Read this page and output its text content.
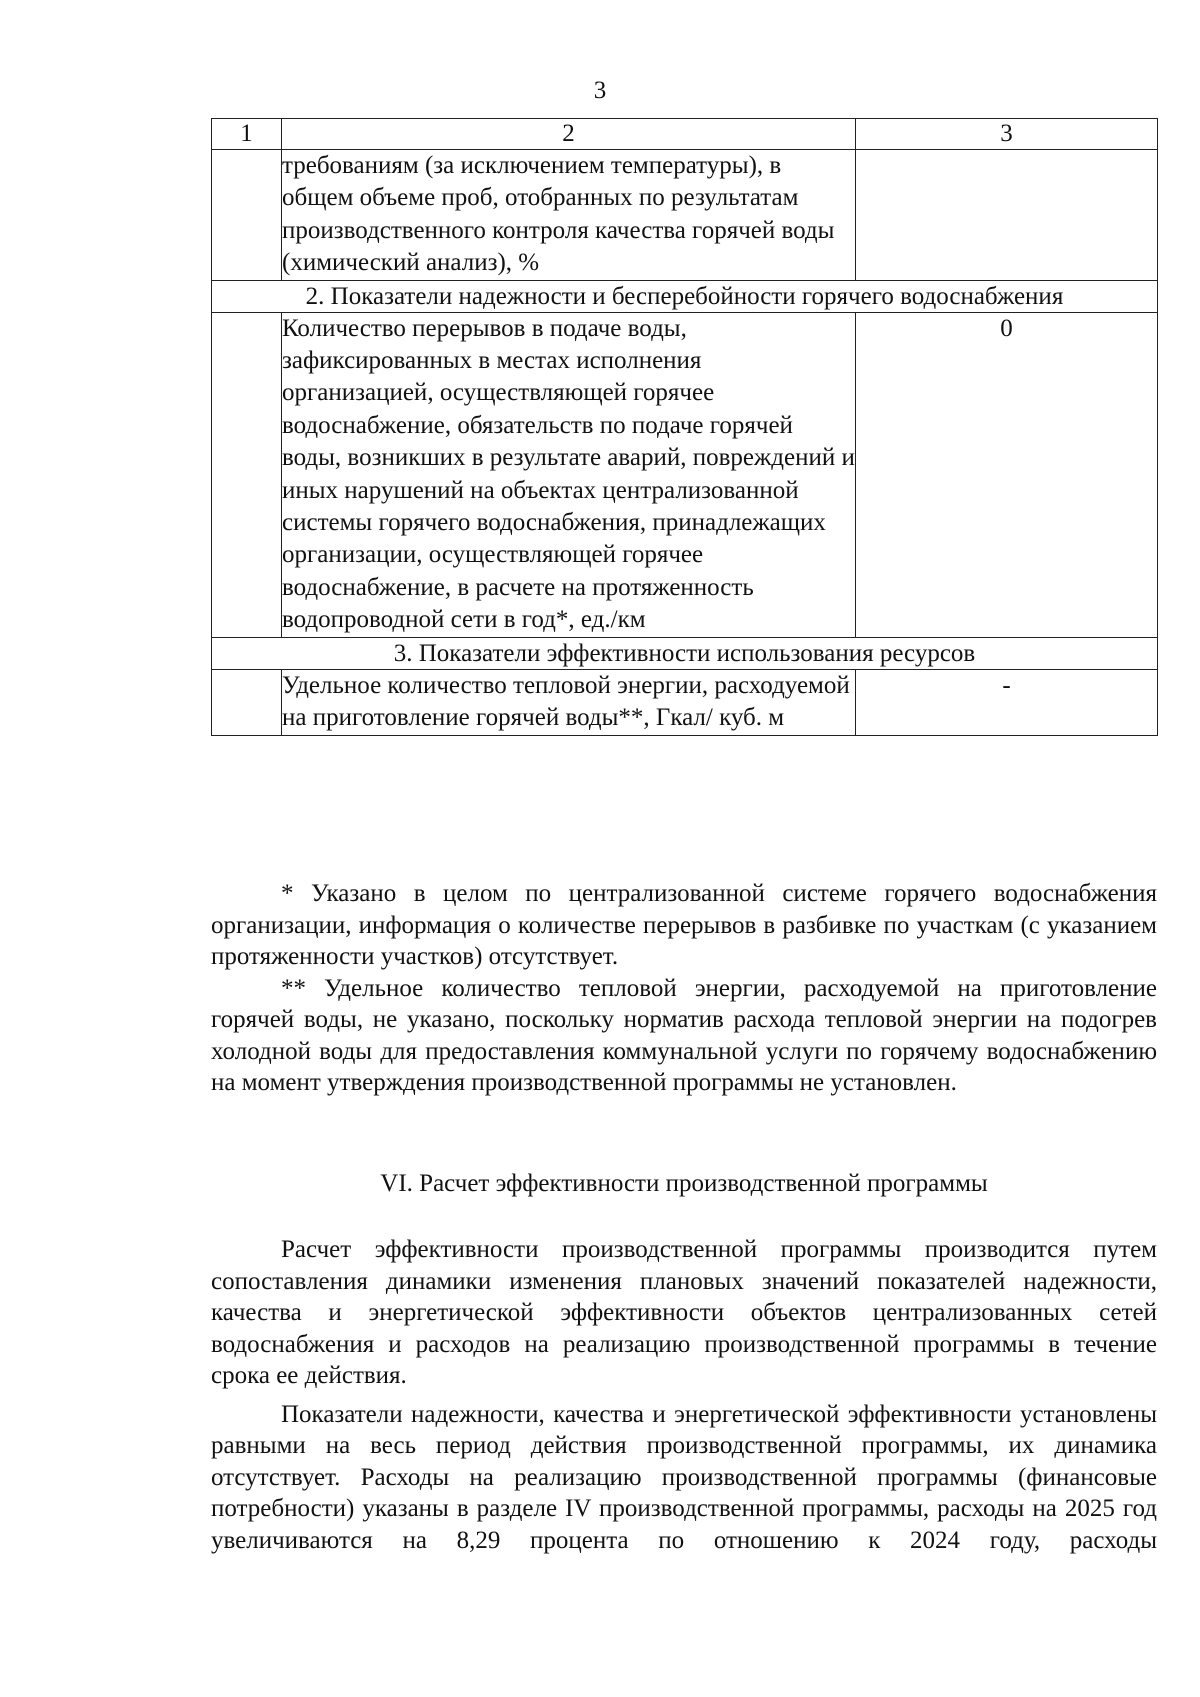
3
1	2	3
	требованиям (за исключением температуры), в общем объеме проб, отобранных по результатам производственного контроля качества горячей воды (химический анализ), %	
2. Показатели надежности и бесперебойности горячего водоснабжения		
	Количество перерывов в подаче воды, зафиксированных в местах исполнения организацией, осуществляющей горячее водоснабжение, обязательств по подаче горячей воды, возникших в результате аварий, повреждений и иных нарушений на объектах централизованной системы горячего водоснабжения, принадлежащих организации, осуществляющей горячее водоснабжение, в расчете на протяженность водопроводной сети в год*, ед./км	0
3. Показатели эффективности использования ресурсов		
	Удельное количество тепловой энергии, расходуемой на приготовление горячей воды**, Гкал/ куб. м	-

* Указано в целом по централизованной системе горячего водоснабжения организации, информация о количестве перерывов в разбивке по участкам (с указанием протяженности участков) отсутствует.

** Удельное количество тепловой энергии, расходуемой на приготовление горячей воды, не указано, поскольку норматив расхода тепловой энергии на подогрев холодной воды для предоставления коммунальной услуги по горячему водоснабжению на момент утверждения производственной программы не установлен.

VI. Расчет эффективности производственной программы

Расчет эффективности производственной программы производится путем сопоставления динамики изменения плановых значений показателей надежности, качества и энергетической эффективности объектов централизованных сетей водоснабжения и расходов на реализацию производственной программы в течение срока ее действия.

Показатели надежности, качества и энергетической эффективности установлены равными на весь период действия производственной программы, их динамика отсутствует. Расходы на реализацию производственной программы (финансовые потребности) указаны в разделе IV производственной программы, расходы на 2025 год увеличиваются на 8,29 процента по отношению к 2024 году, расходы
